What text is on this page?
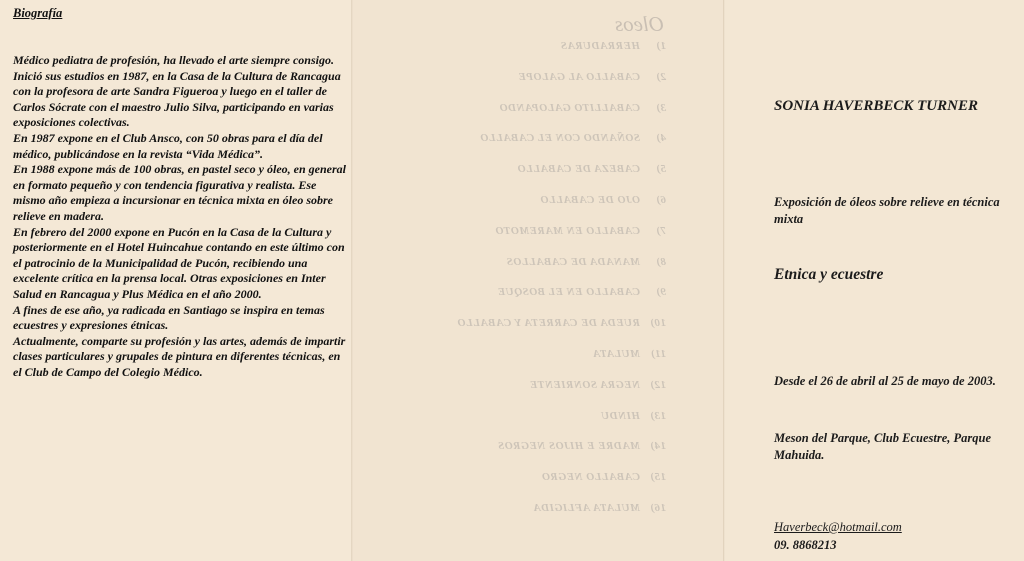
Biografía

Médico pediatra de profesión, ha llevado el arte siempre consigo.

Inició sus estudios en 1987, en la Casa de la Cultura de Rancagua con la profesora de arte Sandra Figueroa y luego en el taller de Carlos Sócrate con el maestro Julio Silva, participando en varias exposiciones colectivas.

En 1987 expone en el Club Ansco, con 50 obras para el día del médico, publicándose en la revista “Vida Médica”.

En 1988 expone más de 100 obras, en pastel seco y óleo, en general en formato pequeño y con tendencia figurativa y realista. Ese mismo año empieza a incursionar en técnica mixta en óleo sobre relieve en madera.

En febrero del 2000 expone en Pucón en la Casa de la Cultura y posteriormente en el Hotel Huincahue contando en este último con el patrocinio de la Municipalidad de Pucón, recibiendo una excelente crítica en la prensa local. Otras exposiciones en Inter Salud en Rancagua y Plus Médica en el año 2000.

A fines de ese año, ya radicada en Santiago se inspira en temas ecuestres y expresiones étnicas.

Actualmente, comparte su profesión y las artes, además de impartir clases particulares y grupales de pintura en diferentes técnicas, en el Club de Campo del Colegio Médico.

Oleos
1)HERRADURAS
2)CABALLO AL GALOPE
3)CABALLITO GALOPANDO
4)SOÑANDO CON EL CABALLO
5)CABEZA DE CABALLO
6)OJO DE CABALLO
7)CABALLO EN MAREMOTO
8)MANADA DE CABALLOS
9)CABALLO EN EL BOSQUE
10)RUEDA DE CARRETA Y CABALLO
11)MULATA
12)NEGRA SONRIENTE
13)HINDU
14)MADRE E HIJOS NEGROS
15)CABALLO NEGRO
16)MULATA AFLIGIDA

SONIA HAVERBECK TURNER

Exposición de óleos sobre relieve en técnica mixta

Etnica y ecuestre

Desde el 26 de abril al 25 de mayo de 2003.

Meson del Parque, Club Ecuestre, Parque Mahuida.

Haverbeck@hotmail.com

09. 8868213
